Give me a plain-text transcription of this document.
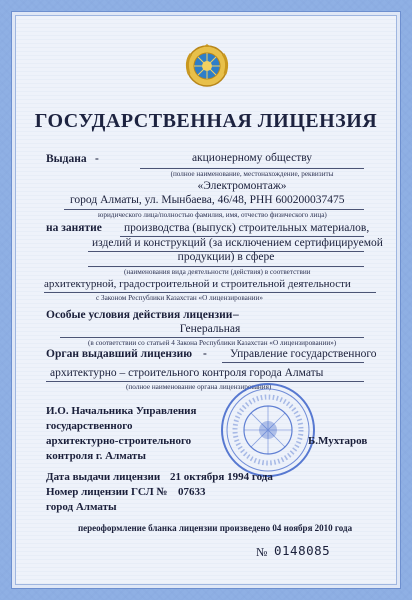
ГОСУДАРСТВЕННАЯ ЛИЦЕНЗИЯ
Выдана -	акционерному обществу
(полное наименование, местонахождение, реквизиты
«Электромонтаж»
город Алматы, ул. Мынбаева, 46/48, РНН 600200037475
юридического лица/полностью фамилия, имя, отчество физического лица)
на занятие производства (выпуск) строительных материалов,
изделий и конструкций (за исключением сертифицируемой
продукции) в сфере
(наименования вида деятельности (действия) в соответствии
архитектурной, градостроительной и строительной деятельности
с Законом Республики Казахстан «О лицензировании»
Особые условия действия лицензии –
Генеральная
(в соответствии со статьей 4 Закона Республики Казахстан «О лицензировании»)
Орган выдавший лицензию - Управление государственного
архитектурно – строительного контроля города Алматы
(полное наименование органа лицензирования)
И.О. Начальника Управления
государственного
архитектурно-строительного
контроля г. Алматы
Б.Мухтаров
Дата выдачи лицензии 21 октября 1994 года
Номер лицензии ГСЛ № 07633
город Алматы
переоформление бланка лицензии произведено 04 ноября 2010 года
№ 0148085
